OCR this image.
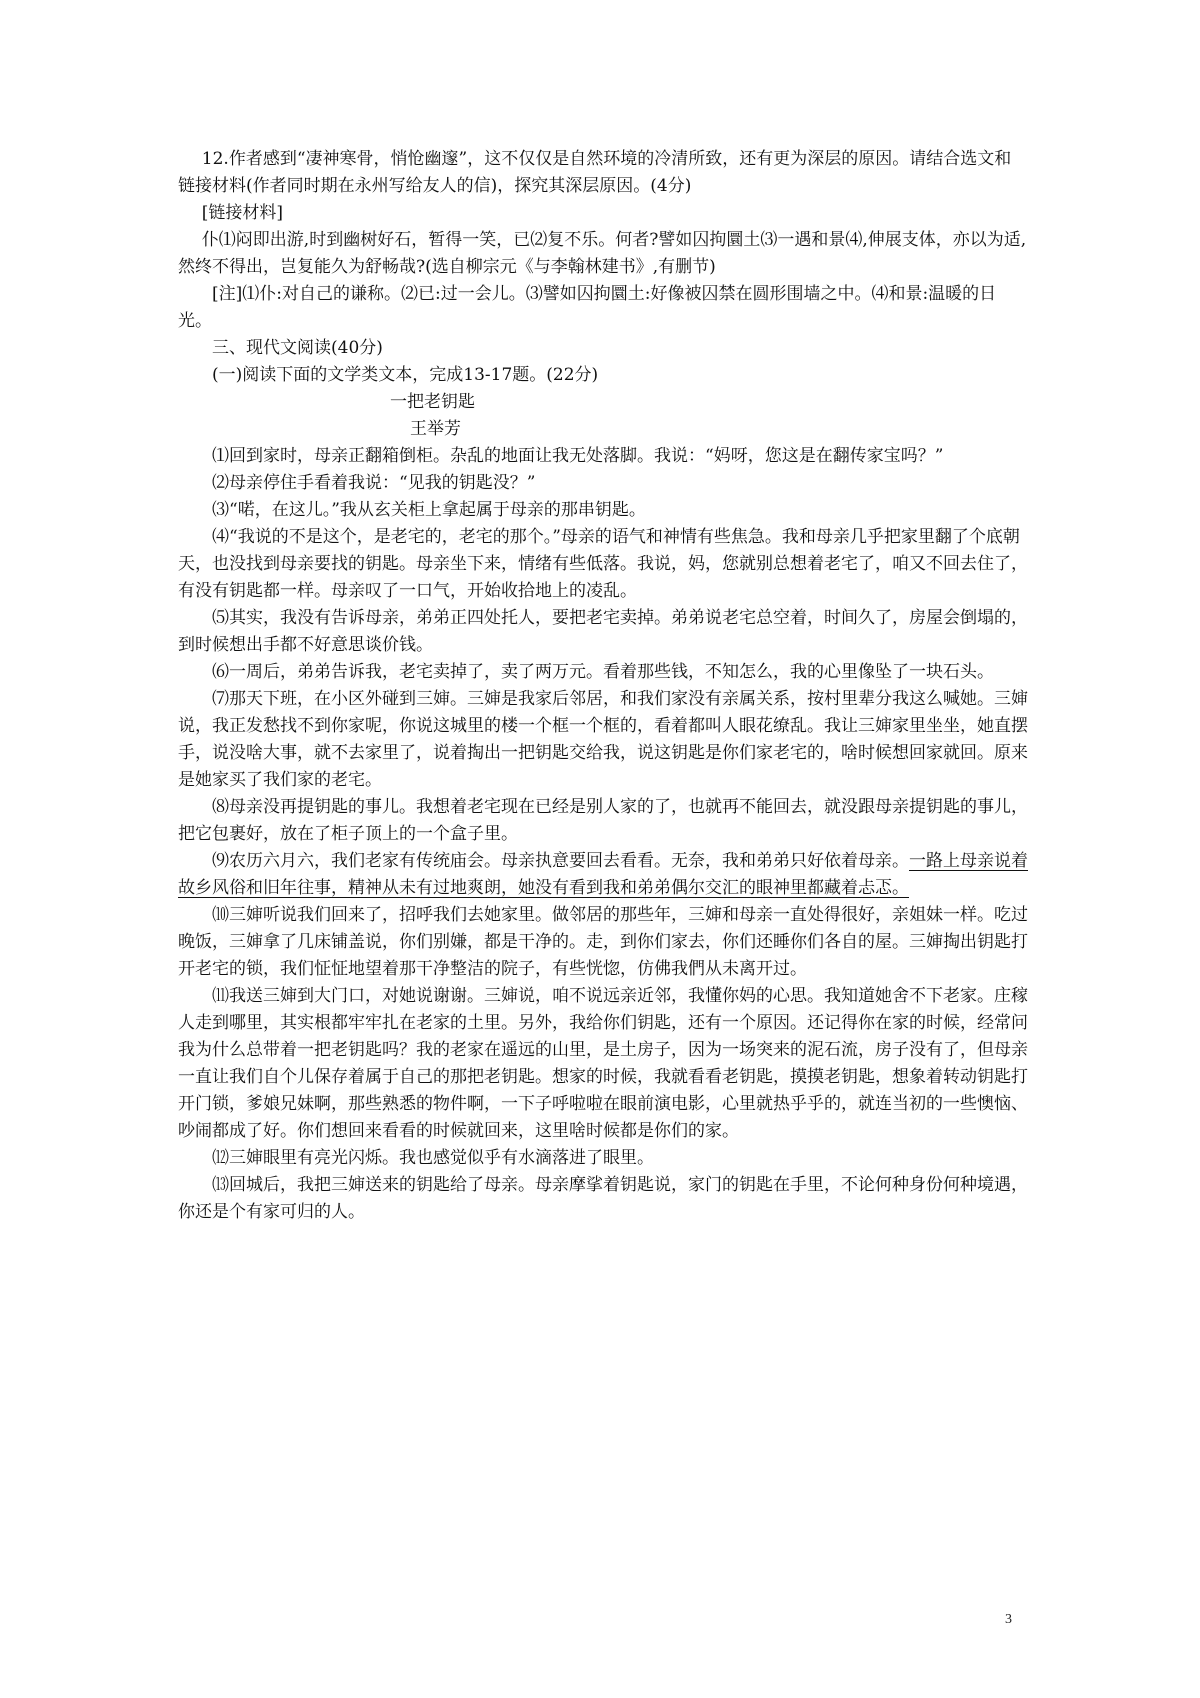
12.作者感到“凄神寒骨，悄怆幽邃”，这不仅仅是自然环境的冷清所致，还有更为深层的原因。请结合选文和链接材料(作者同时期在永州写给友人的信)，探究其深层原因。(4分)

[链接材料]

仆⑴闷即出游,时到幽树好石，暂得一笑，已⑵复不乐。何者?譬如囚拘圜土⑶一遇和景⑷,伸展支体，亦以为适,然终不得出，岂复能久为舒畅哉?(选自柳宗元《与李翰林建书》,有删节)

[注]⑴仆:对自己的谦称。⑵已:过一会儿。⑶譬如囚拘圜土:好像被囚禁在圆形围墙之中。⑷和景:温暖的日光。

三、现代文阅读(40分)

(一)阅读下面的文学类文本，完成13-17题。(22分)

一把老钥匙

王举芳

⑴回到家时，母亲正翻箱倒柜。杂乱的地面让我无处落脚。我说：“妈呀，您这是在翻传家宝吗？”

⑵母亲停住手看着我说：“见我的钥匙没？”

⑶“喏，在这儿。”我从玄关柜上拿起属于母亲的那串钥匙。

⑷“我说的不是这个，是老宅的，老宅的那个。”母亲的语气和神情有些焦急。我和母亲几乎把家里翻了个底朝天，也没找到母亲要找的钥匙。母亲坐下来，情绪有些低落。我说，妈，您就别总想着老宅了，咱又不回去住了，有没有钥匙都一样。母亲叹了一口气，开始收拾地上的凌乱。

⑸其实，我没有告诉母亲，弟弟正四处托人，要把老宅卖掉。弟弟说老宅总空着，时间久了，房屋会倒塌的，到时候想出手都不好意思谈价钱。

⑹一周后，弟弟告诉我，老宅卖掉了，卖了两万元。看着那些钱，不知怎么，我的心里像坠了一块石头。

⑺那天下班，在小区外碰到三婶。三婶是我家后邻居，和我们家没有亲属关系，按村里辈分我这么喊她。三婶说，我正发愁找不到你家呢，你说这城里的楼一个框一个框的，看着都叫人眼花缭乱。我让三婶家里坐坐，她直摆手，说没啥大事，就不去家里了，说着掏出一把钥匙交给我，说这钥匙是你们家老宅的，啥时候想回家就回。原来是她家买了我们家的老宅。

⑻母亲没再提钥匙的事儿。我想着老宅现在已经是别人家的了，也就再不能回去，就没跟母亲提钥匙的事儿，把它包裹好，放在了柜子顶上的一个盒子里。

⑼农历六月六，我们老家有传统庙会。母亲执意要回去看看。无奈，我和弟弟只好依着母亲。一路上母亲说着故乡风俗和旧年往事，精神从未有过地爽朗，她没有看到我和弟弟偶尔交汇的眼神里都藏着忐忑。

⑽三婶听说我们回来了，招呼我们去她家里。做邻居的那些年，三婶和母亲一直处得很好，亲姐妹一样。吃过晚饭，三婶拿了几床铺盖说，你们别嫌，都是干净的。走，到你们家去，你们还睡你们各自的屋。三婶掏出钥匙打开老宅的锁，我们怔怔地望着那干净整洁的院子，有些恍惚，仿佛我們从未离开过。

⑾我送三婶到大门口，对她说谢谢。三婶说，咱不说远亲近邻，我懂你妈的心思。我知道她舍不下老家。庄稼人走到哪里，其实根都牢牢扎在老家的土里。另外，我给你们钥匙，还有一个原因。还记得你在家的时候，经常问我为什么总带着一把老钥匙吗？我的老家在遥远的山里，是土房子，因为一场突来的泥石流，房子没有了，但母亲一直让我们自个儿保存着属于自己的那把老钥匙。想家的时候，我就看看老钥匙，摸摸老钥匙，想象着转动钥匙打开门锁，爹娘兄妹啊，那些熟悉的物件啊，一下子呼啦啦在眼前演电影，心里就热乎乎的，就连当初的一些懊恼、吵闹都成了好。你们想回来看看的时候就回来，这里啥时候都是你们的家。

⑿三婶眼里有亮光闪烁。我也感觉似乎有水滴落进了眼里。

⒀回城后，我把三婶送来的钥匙给了母亲。母亲摩挲着钥匙说，家门的钥匙在手里，不论何种身份何种境遇，你还是个有家可归的人。

3
